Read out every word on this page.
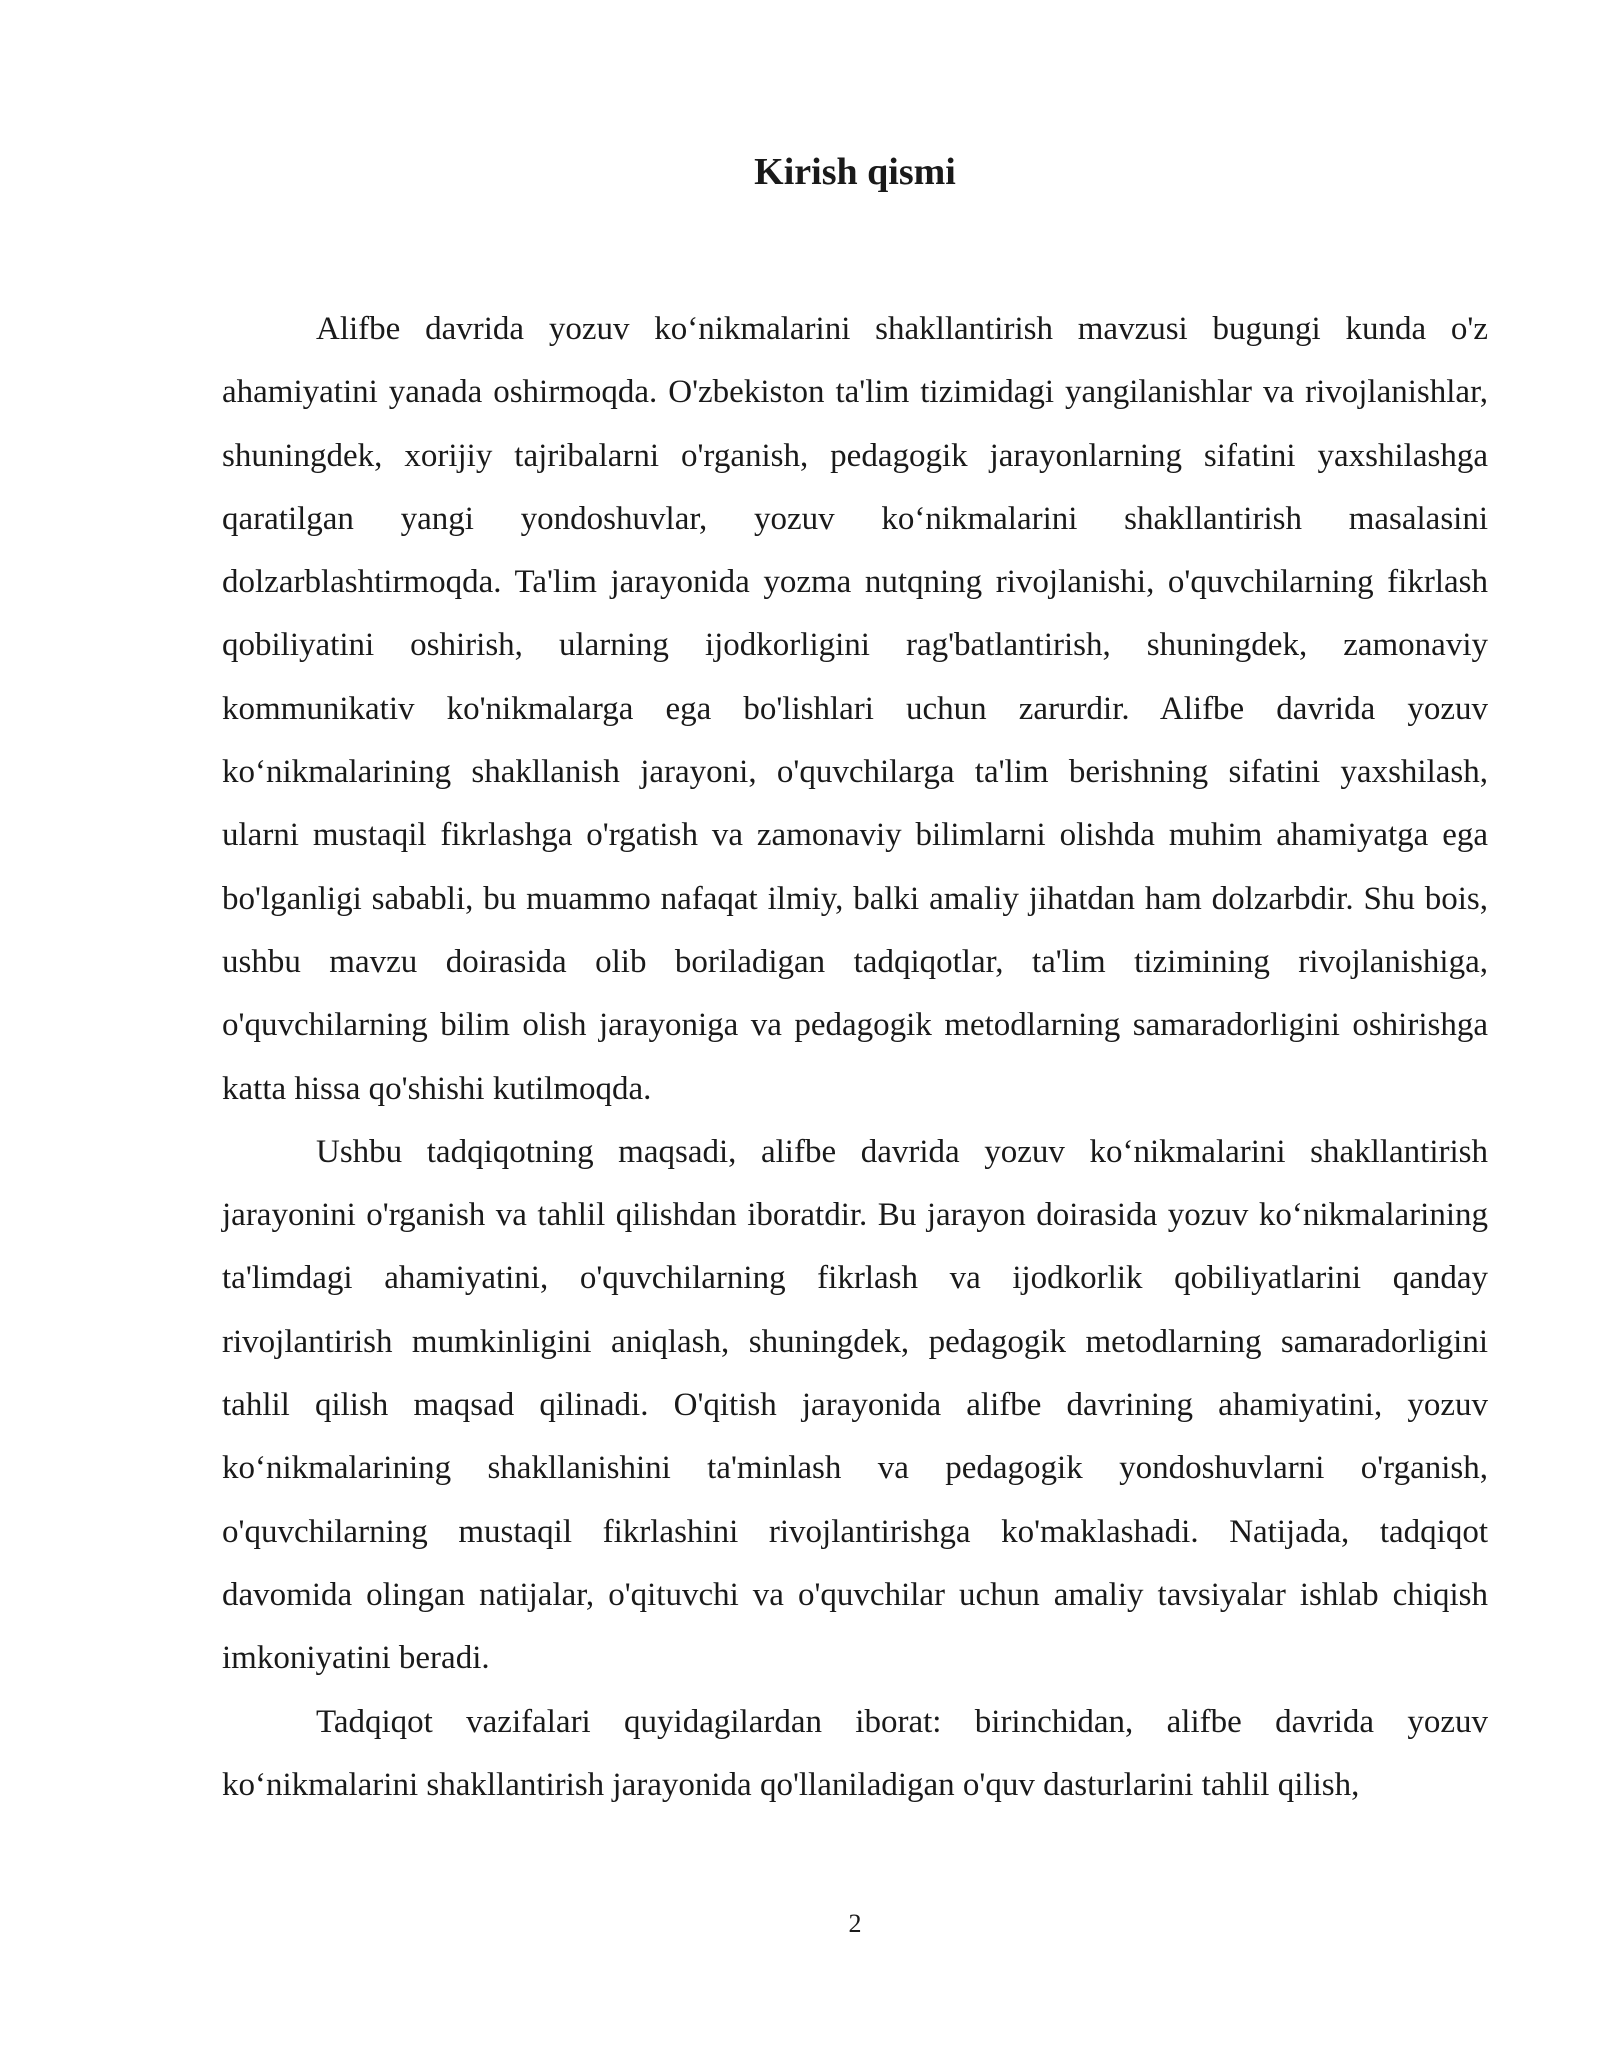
Kirish qismi

Alifbe davrida yozuv ko‘nikmalarini shakllantirish mavzusi bugungi kunda o'z ahamiyatini yanada oshirmoqda. O'zbekiston ta'lim tizimidagi yangilanishlar va rivojlanishlar, shuningdek, xorijiy tajribalarni o'rganish, pedagogik jarayonlarning sifatini yaxshilashga qaratilgan yangi yondoshuvlar, yozuv ko‘nikmalarini shakllantirish masalasini dolzarblashtirmoqda. Ta'lim jarayonida yozma nutqning rivojlanishi, o'quvchilarning fikrlash qobiliyatini oshirish, ularning ijodkorligini rag'batlantirish, shuningdek, zamonaviy kommunikativ ko'nikmalarga ega bo'lishlari uchun zarurdir. Alifbe davrida yozuv ko‘nikmalarining shakllanish jarayoni, o'quvchilarga ta'lim berishning sifatini yaxshilash, ularni mustaqil fikrlashga o'rgatish va zamonaviy bilimlarni olishda muhim ahamiyatga ega bo'lganligi sababli, bu muammo nafaqat ilmiy, balki amaliy jihatdan ham dolzarbdir. Shu bois, ushbu mavzu doirasida olib boriladigan tadqiqotlar, ta'lim tizimining rivojlanishiga, o'quvchilarning bilim olish jarayoniga va pedagogik metodlarning samaradorligini oshirishga katta hissa qo'shishi kutilmoqda.

Ushbu tadqiqotning maqsadi, alifbe davrida yozuv ko‘nikmalarini shakllantirish jarayonini o'rganish va tahlil qilishdan iboratdir. Bu jarayon doirasida yozuv ko‘nikmalarining ta'limdagi ahamiyatini, o'quvchilarning fikrlash va ijodkorlik qobiliyatlarini qanday rivojlantirish mumkinligini aniqlash, shuningdek, pedagogik metodlarning samaradorligini tahlil qilish maqsad qilinadi. O'qitish jarayonida alifbe davrining ahamiyatini, yozuv ko‘nikmalarining shakllanishini ta'minlash va pedagogik yondoshuvlarni o'rganish, o'quvchilarning mustaqil fikrlashini rivojlantirishga ko'maklashadi. Natijada, tadqiqot davomida olingan natijalar, o'qituvchi va o'quvchilar uchun amaliy tavsiyalar ishlab chiqish imkoniyatini beradi.

Tadqiqot vazifalari quyidagilardan iborat: birinchidan, alifbe davrida yozuv ko‘nikmalarini shakllantirish jarayonida qo'llaniladigan o'quv dasturlarini tahlil qilish,

2
